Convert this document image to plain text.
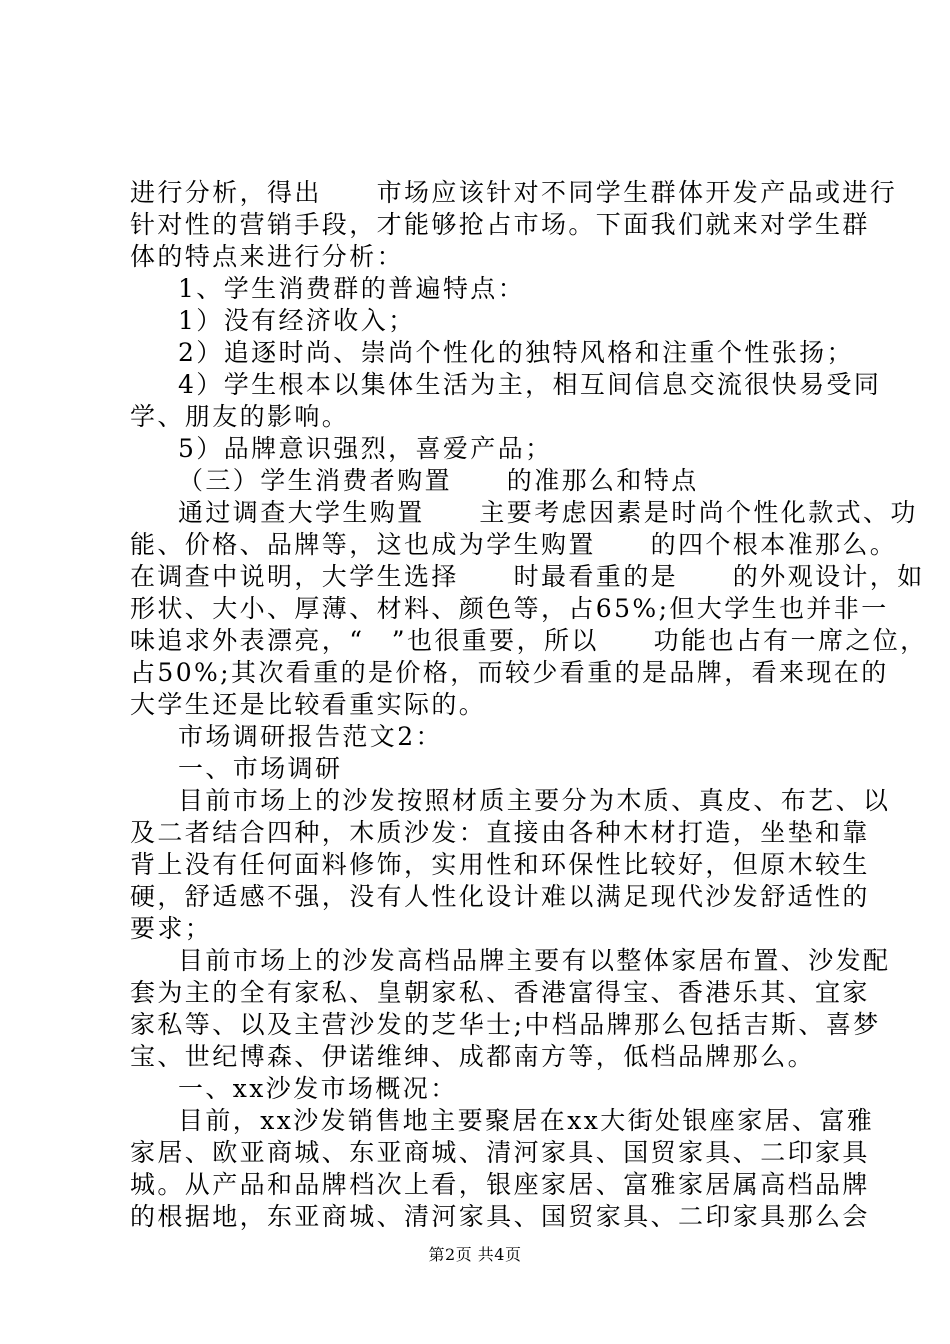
进行分析，得出　　市场应该针对不同学生群体开发产品或进行
针对性的营销手段，才能够抢占市场。下面我们就来对学生群
体的特点来进行分析：
1、学生消费群的普遍特点：
1）没有经济收入；
2）追逐时尚、崇尚个性化的独特风格和注重个性张扬；
4）学生根本以集体生活为主，相互间信息交流很快易受同
学、朋友的影响。
5）品牌意识强烈，喜爱产品；
（三）学生消费者购置　　的准那么和特点
通过调查大学生购置　　主要考虑因素是时尚个性化款式、功
能、价格、品牌等，这也成为学生购置　　的四个根本准那么。
在调查中说明，大学生选择　　时最看重的是　　的外观设计，如
形状、大小、厚薄、材料、颜色等，占65%;但大学生也并非一
味追求外表漂亮，“　”也很重要，所以　　功能也占有一席之位，
占50%;其次看重的是价格，而较少看重的是品牌，看来现在的
大学生还是比较看重实际的。
市场调研报告范文2：
一、市场调研
目前市场上的沙发按照材质主要分为木质、真皮、布艺、以
及二者结合四种，木质沙发：直接由各种木材打造，坐垫和靠
背上没有任何面料修饰，实用性和环保性比较好，但原木较生
硬，舒适感不强，没有人性化设计难以满足现代沙发舒适性的
要求；
目前市场上的沙发高档品牌主要有以整体家居布置、沙发配
套为主的全有家私、皇朝家私、香港富得宝、香港乐其、宜家
家私等、以及主营沙发的芝华士;中档品牌那么包括吉斯、喜梦
宝、世纪博森、伊诺维绅、成都南方等，低档品牌那么。
一、xx沙发市场概况：
目前，xx沙发销售地主要聚居在xx大街处银座家居、富雅
家居、欧亚商城、东亚商城、清河家具、国贸家具、二印家具
城。从产品和品牌档次上看，银座家居、富雅家居属高档品牌
的根据地，东亚商城、清河家具、国贸家具、二印家具那么会
第2页 共4页
